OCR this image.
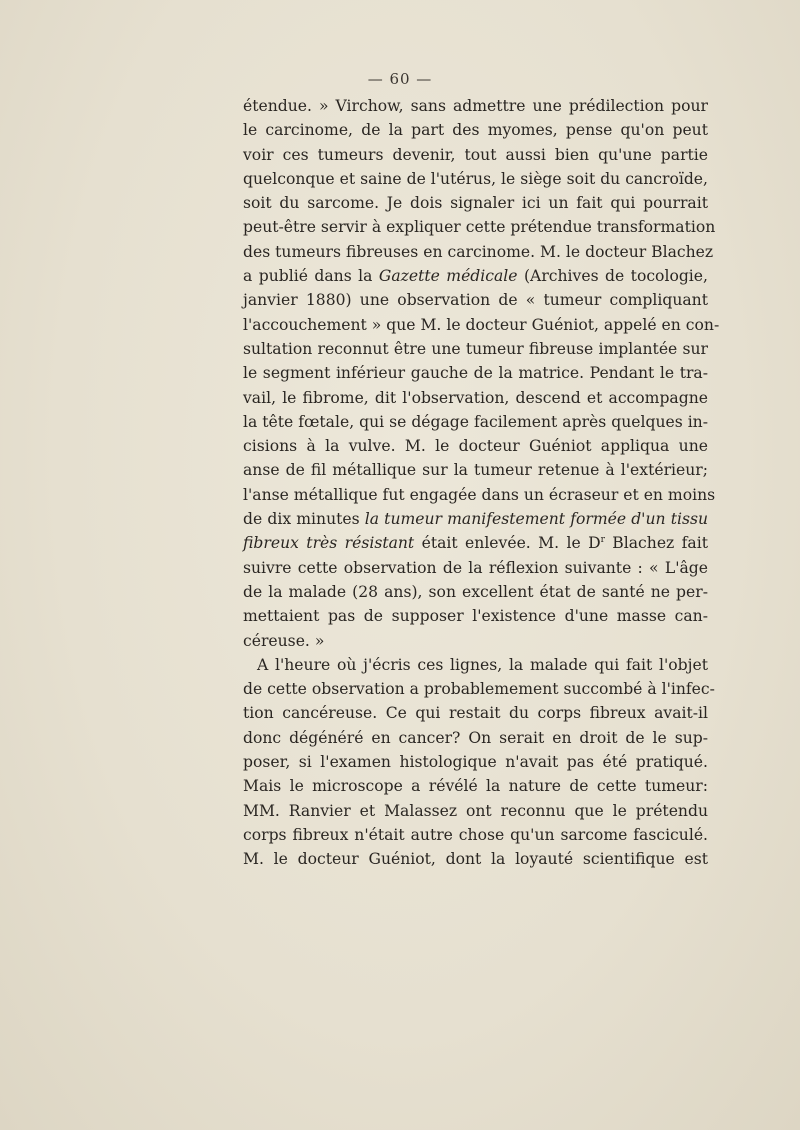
— 60 —
étendue. » Virchow, sans admettre une prédilection pour
le carcinome, de la part des myomes, pense qu'on peut
voir ces tumeurs devenir, tout aussi bien qu'une partie
quelconque et saine de l'utérus, le siège soit du cancroïde,
soit du sarcome. Je dois signaler ici un fait qui pourrait
peut-être servir à expliquer cette prétendue transformation
des tumeurs fibreuses en carcinome. M. le docteur Blachez
a publié dans la Gazette médicale (Archives de tocologie,
janvier 1880) une observation de « tumeur compliquant
l'accouchement » que M. le docteur Guéniot, appelé en con-
sultation reconnut être une tumeur fibreuse implantée sur
le segment inférieur gauche de la matrice. Pendant le tra-
vail, le fibrome, dit l'observation, descend et accompagne
la tête fœtale, qui se dégage facilement après quelques in-
cisions à la vulve. M. le docteur Guéniot appliqua une
anse de fil métallique sur la tumeur retenue à l'extérieur;
l'anse métallique fut engagée dans un écraseur et en moins
de dix minutes la tumeur manifestement formée d'un tissu
fibreux très résistant était enlevée. M. le $D^r$ Blachez fait
suivre cette observation de la réflexion suivante : « L'âge
de la malade (28 ans), son excellent état de santé ne per-
mettaient pas de supposer l'existence d'une masse can-
céreuse. »
A l'heure où j'écris ces lignes, la malade qui fait l'objet
de cette observation a probablemement succombé à l'infec-
tion cancéreuse. Ce qui restait du corps fibreux avait-il
donc dégénéré en cancer? On serait en droit de le sup-
poser, si l'examen histologique n'avait pas été pratiqué.
Mais le microscope a révélé la nature de cette tumeur:
MM. Ranvier et Malassez ont reconnu que le prétendu
corps fibreux n'était autre chose qu'un sarcome fasciculé.
M. le docteur Guéniot, dont la loyauté scientifique est
